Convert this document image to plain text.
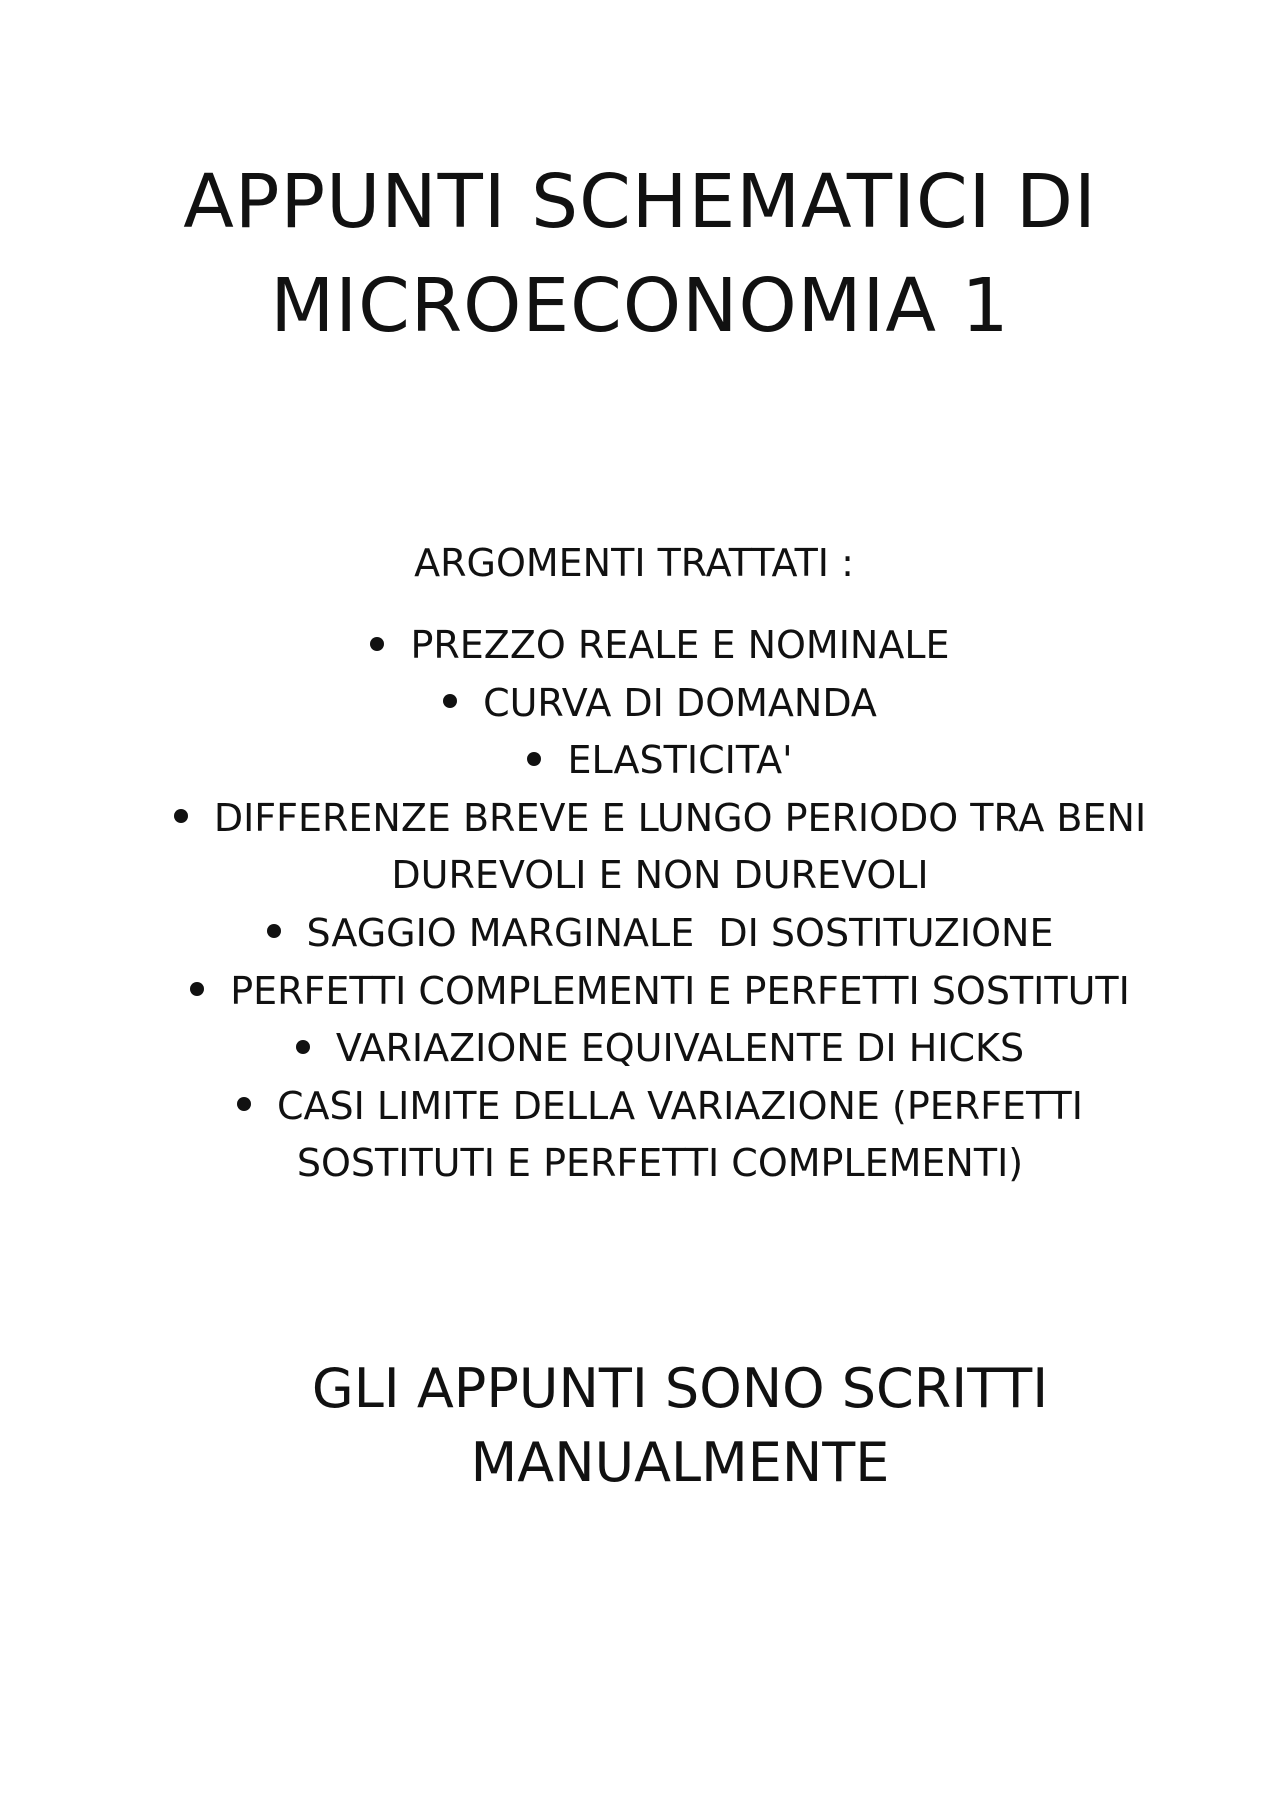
APPUNTI SCHEMATICI DI
MICROECONOMIA 1

ARGOMENTI TRATTATI :

PREZZO REALE E NOMINALE
CURVA DI DOMANDA
ELASTICITA'
DIFFERENZE BREVE E LUNGO PERIODO TRA BENI DUREVOLI E NON DUREVOLI
SAGGIO MARGINALE  DI SOSTITUZIONE
PERFETTI COMPLEMENTI E PERFETTI SOSTITUTI
VARIAZIONE EQUIVALENTE DI HICKS
CASI LIMITE DELLA VARIAZIONE (PERFETTI SOSTITUTI E PERFETTI COMPLEMENTI)

GLI APPUNTI SONO SCRITTI
MANUALMENTE
